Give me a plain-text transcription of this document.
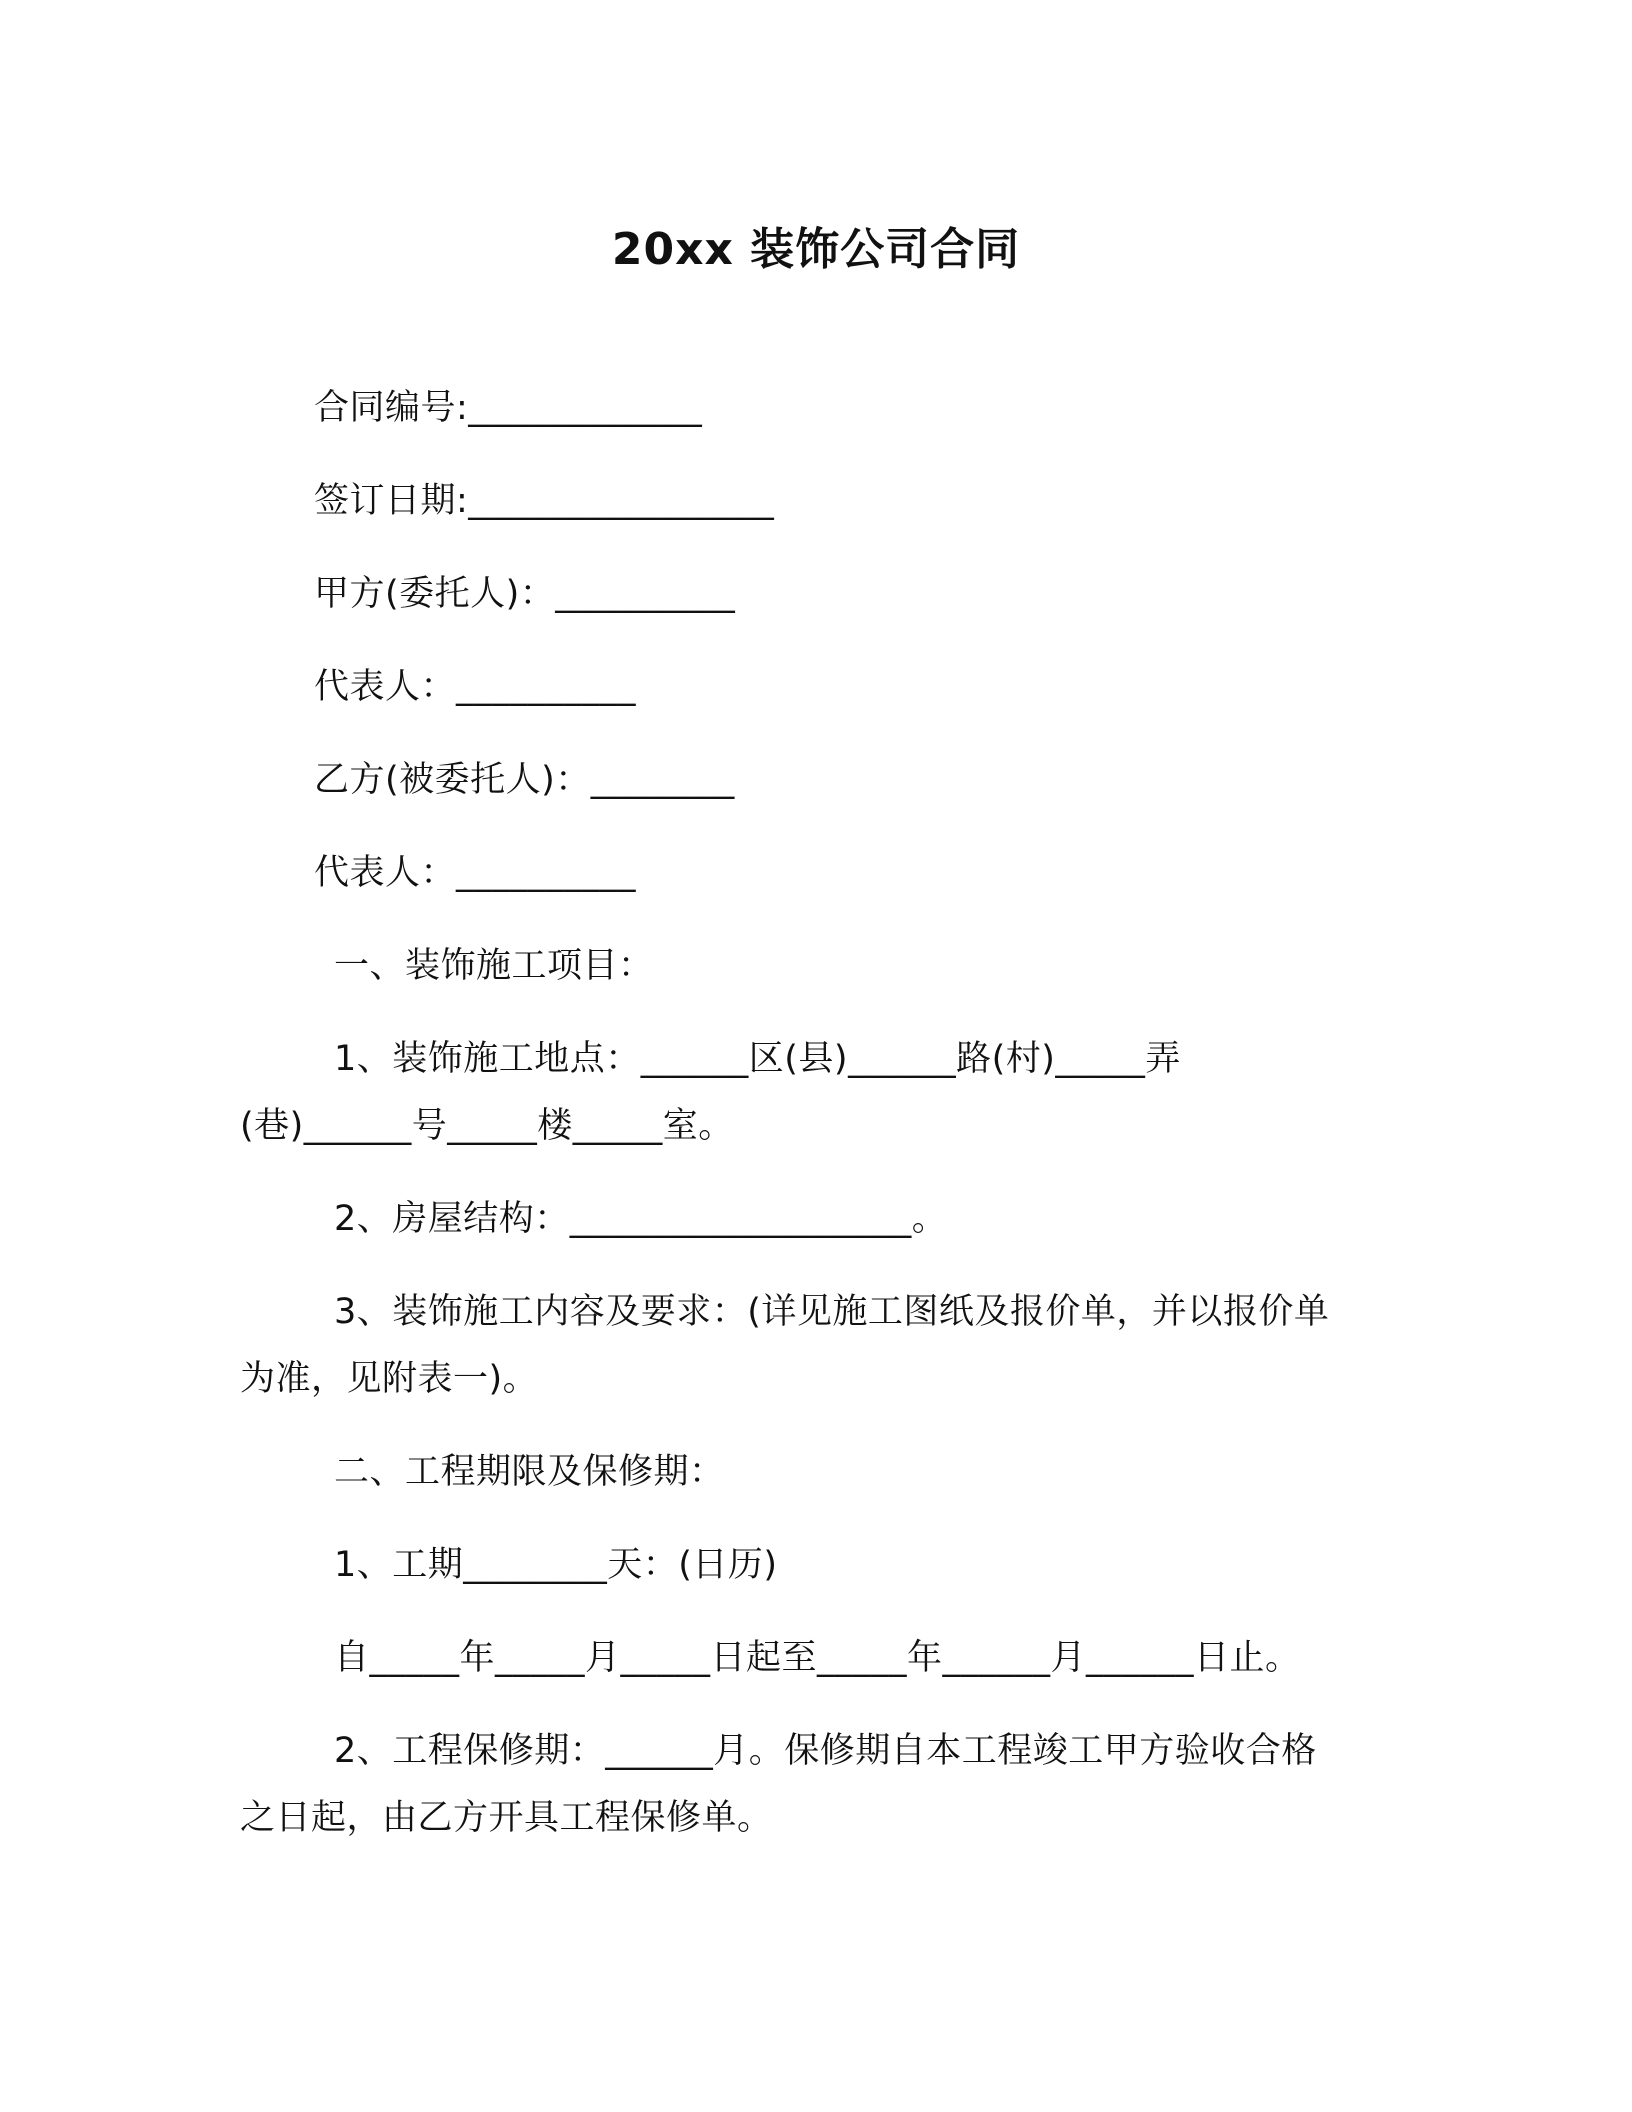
20xx 装饰公司合同
合同编号:_____________
签订日期:_________________
甲方(委托人)：__________
代表人：__________
乙方(被委托人)：________
代表人：__________
一、装饰施工项目：
1、装饰施工地点：______区(县)______路(村)_____弄
(巷)______号_____楼_____室。
2、房屋结构：___________________。
3、装饰施工内容及要求：(详见施工图纸及报价单，并以报价单
为准，见附表一)。
二、工程期限及保修期：
1、工期________天：(日历)
自_____年_____月_____日起至_____年______月______日止。
2、工程保修期：______月。保修期自本工程竣工甲方验收合格
之日起，由乙方开具工程保修单。
